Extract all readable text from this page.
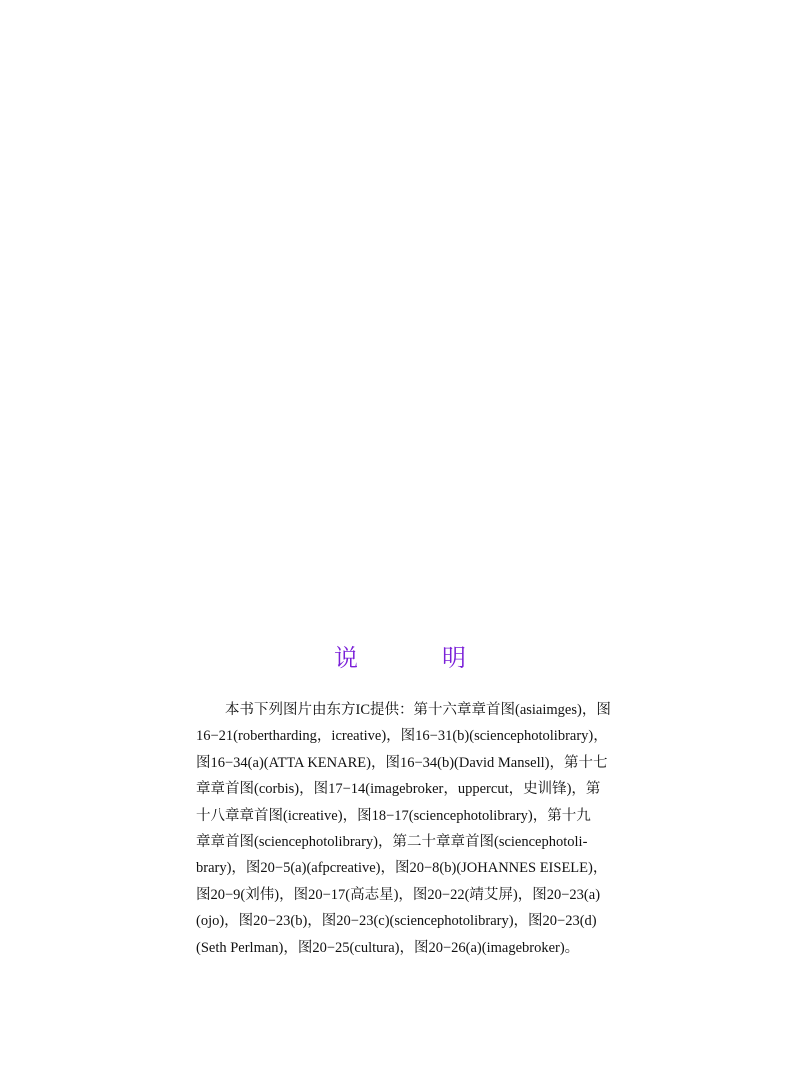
说　明
本书下列图片由东方IC提供：第十六章章首图(asiaimges)，图
16−21(robertharding，icreative)，图16−31(b)(sciencephotolibrary)，
图16−34(a)(ATTA KENARE)，图16−34(b)(David Mansell)，第十七
章章首图(corbis)，图17−14(imagebroker，uppercut，史训锋)，第
十八章章首图(icreative)，图18−17(sciencephotolibrary)，第十九
章章首图(sciencephotolibrary)，第二十章章首图(sciencephotoli-
brary)，图20−5(a)(afpcreative)，图20−8(b)(JOHANNES EISELE)，
图20−9(刘伟)，图20−17(高志星)，图20−22(靖艾屏)，图20−23(a)
(ojo)，图20−23(b)，图20−23(c)(sciencephotolibrary)，图20−23(d)
(Seth Perlman)，图20−25(cultura)，图20−26(a)(imagebroker)。
